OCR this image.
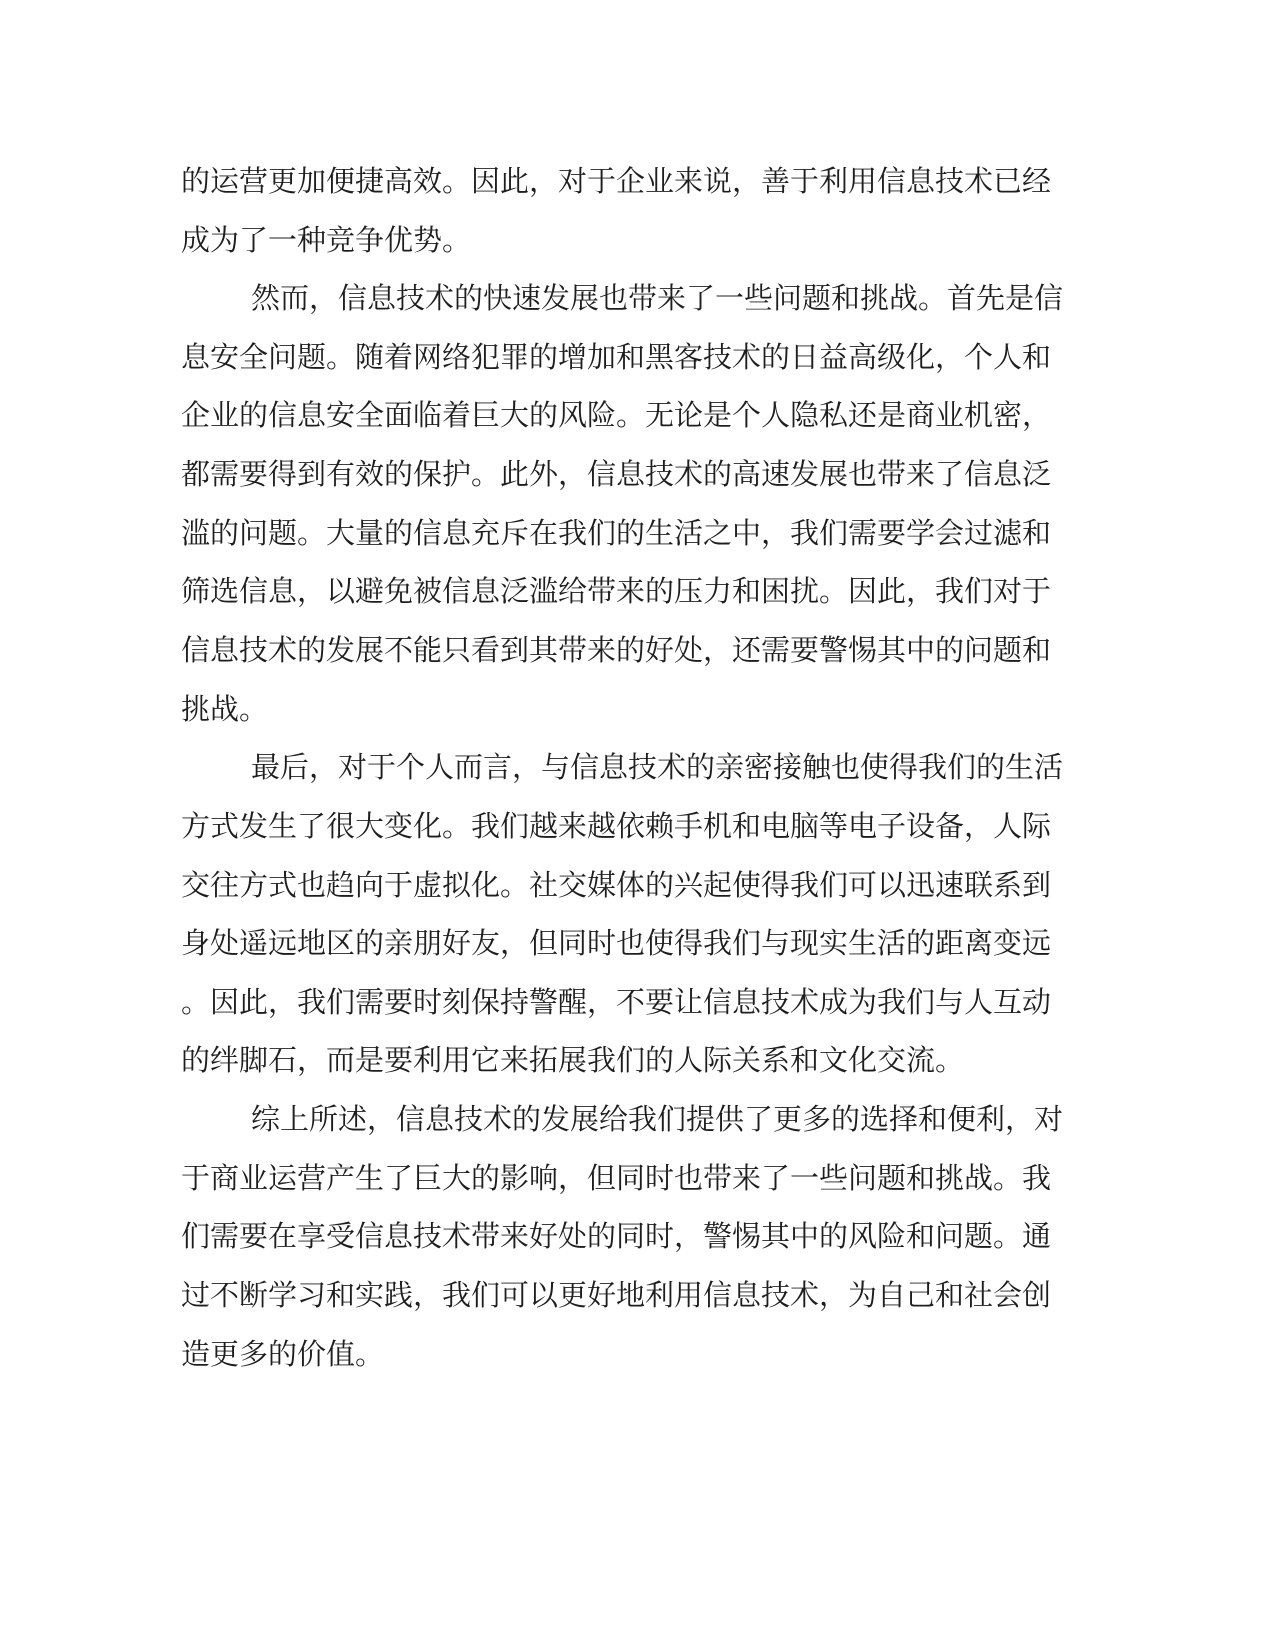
的运营更加便捷高效。因此，对于企业来说，善于利用信息技术已经
成为了一种竞争优势。
然而，信息技术的快速发展也带来了一些问题和挑战。首先是信
息安全问题。随着网络犯罪的增加和黑客技术的日益高级化，个人和
企业的信息安全面临着巨大的风险。无论是个人隐私还是商业机密，
都需要得到有效的保护。此外，信息技术的高速发展也带来了信息泛
滥的问题。大量的信息充斥在我们的生活之中，我们需要学会过滤和
筛选信息，以避免被信息泛滥给带来的压力和困扰。因此，我们对于
信息技术的发展不能只看到其带来的好处，还需要警惕其中的问题和
挑战。
最后，对于个人而言，与信息技术的亲密接触也使得我们的生活
方式发生了很大变化。我们越来越依赖手机和电脑等电子设备，人际
交往方式也趋向于虚拟化。社交媒体的兴起使得我们可以迅速联系到
身处遥远地区的亲朋好友，但同时也使得我们与现实生活的距离变远
。因此，我们需要时刻保持警醒，不要让信息技术成为我们与人互动
的绊脚石，而是要利用它来拓展我们的人际关系和文化交流。
综上所述，信息技术的发展给我们提供了更多的选择和便利，对
于商业运营产生了巨大的影响，但同时也带来了一些问题和挑战。我
们需要在享受信息技术带来好处的同时，警惕其中的风险和问题。通
过不断学习和实践，我们可以更好地利用信息技术，为自己和社会创
造更多的价值。
